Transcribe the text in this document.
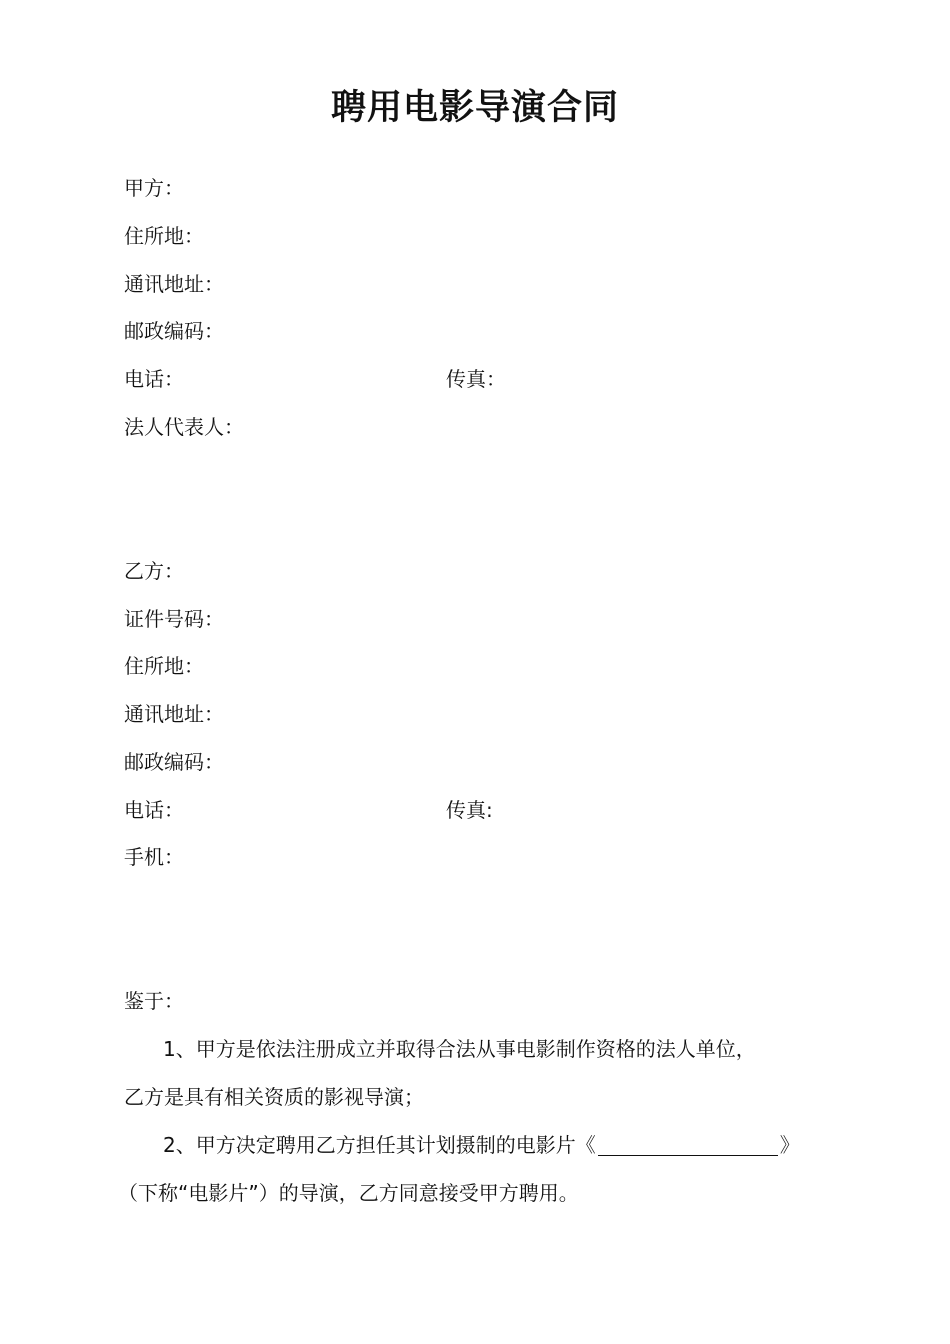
聘用电影导演合同
甲方：
住所地：
通讯地址：
邮政编码：
电话：	传真：
法人代表人：
乙方：
证件号码：
住所地：
通讯地址：
邮政编码：
电话：	传真:
手机：
鉴于：
1、甲方是依法注册成立并取得合法从事电影制作资格的法人单位，
乙方是具有相关资质的影视导演；
2、甲方决定聘用乙方担任其计划摄制的电影片《	》
（下称“电影片”）的导演，乙方同意接受甲方聘用。
